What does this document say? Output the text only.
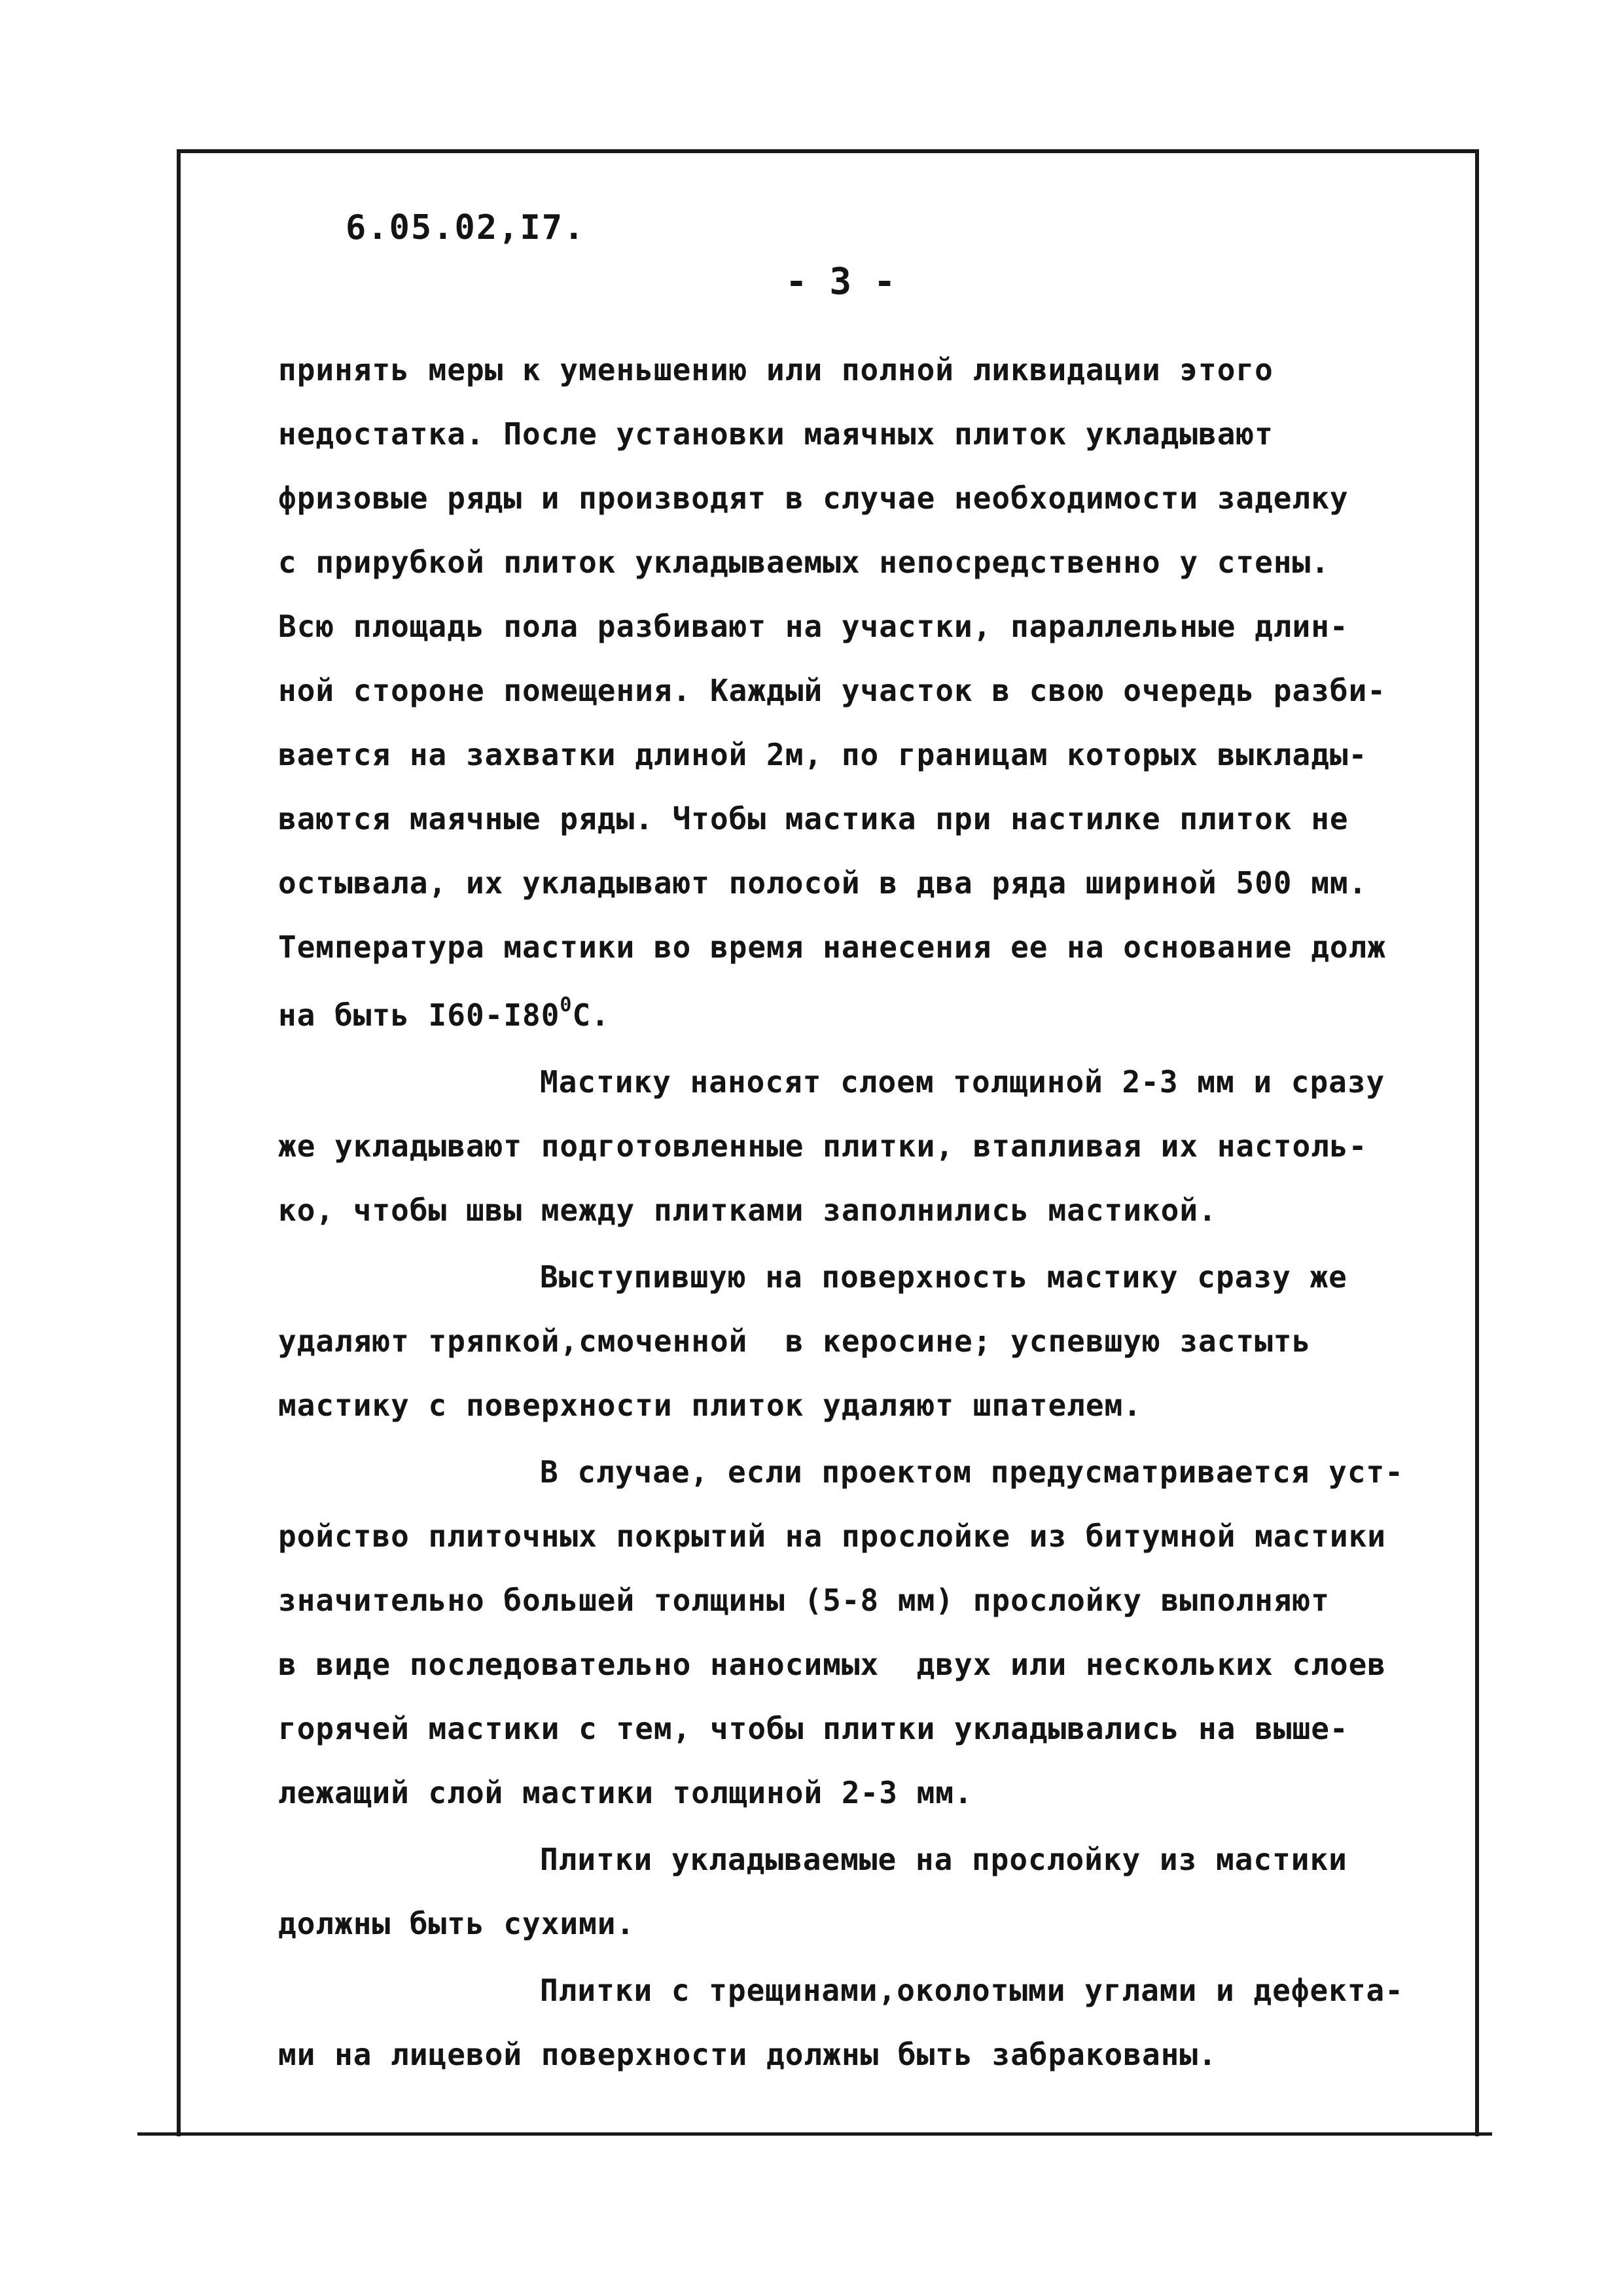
6.05.02,I7.
- 3 -
принять меры к уменьшению или полной ликвидации этого
недостатка. После установки маячных плиток укладывают
фризовые ряды и производят в случае необходимости заделку
с прирубкой плиток укладываемых непосредственно у стены.
Всю площадь пола разбивают на участки, параллельные длин-
ной стороне помещения. Каждый участок в свою очередь разби-
вается на захватки длиной 2м, по границам которых выклады-
ваются маячные ряды. Чтобы мастика при настилке плиток не
остывала, их укладывают полосой в два ряда шириной 500 мм.
Температура мастики во время нанесения ее на основание долж
на быть $I60-I80^0C$.
Мастику наносят слоем толщиной 2-3 мм и сразу
же укладывают подготовленные плитки, втапливая их настоль-
ко, чтобы швы между плитками заполнились мастикой.
Выступившую на поверхность мастику сразу же
удаляют тряпкой,смоченной  в керосине; успевшую застыть
мастику с поверхности плиток удаляют шпателем.
В случае, если проектом предусматривается уст-
ройство плиточных покрытий на прослойке из битумной мастики
значительно большей толщины (5-8 мм) прослойку выполняют
в виде последовательно наносимых  двух или нескольких слоев
горячей мастики с тем, чтобы плитки укладывались на выше-
лежащий слой мастики толщиной 2-3 мм.
Плитки укладываемые на прослойку из мастики
должны быть сухими.
Плитки с трещинами,околотыми углами и дефекта-
ми на лицевой поверхности должны быть забракованы.
